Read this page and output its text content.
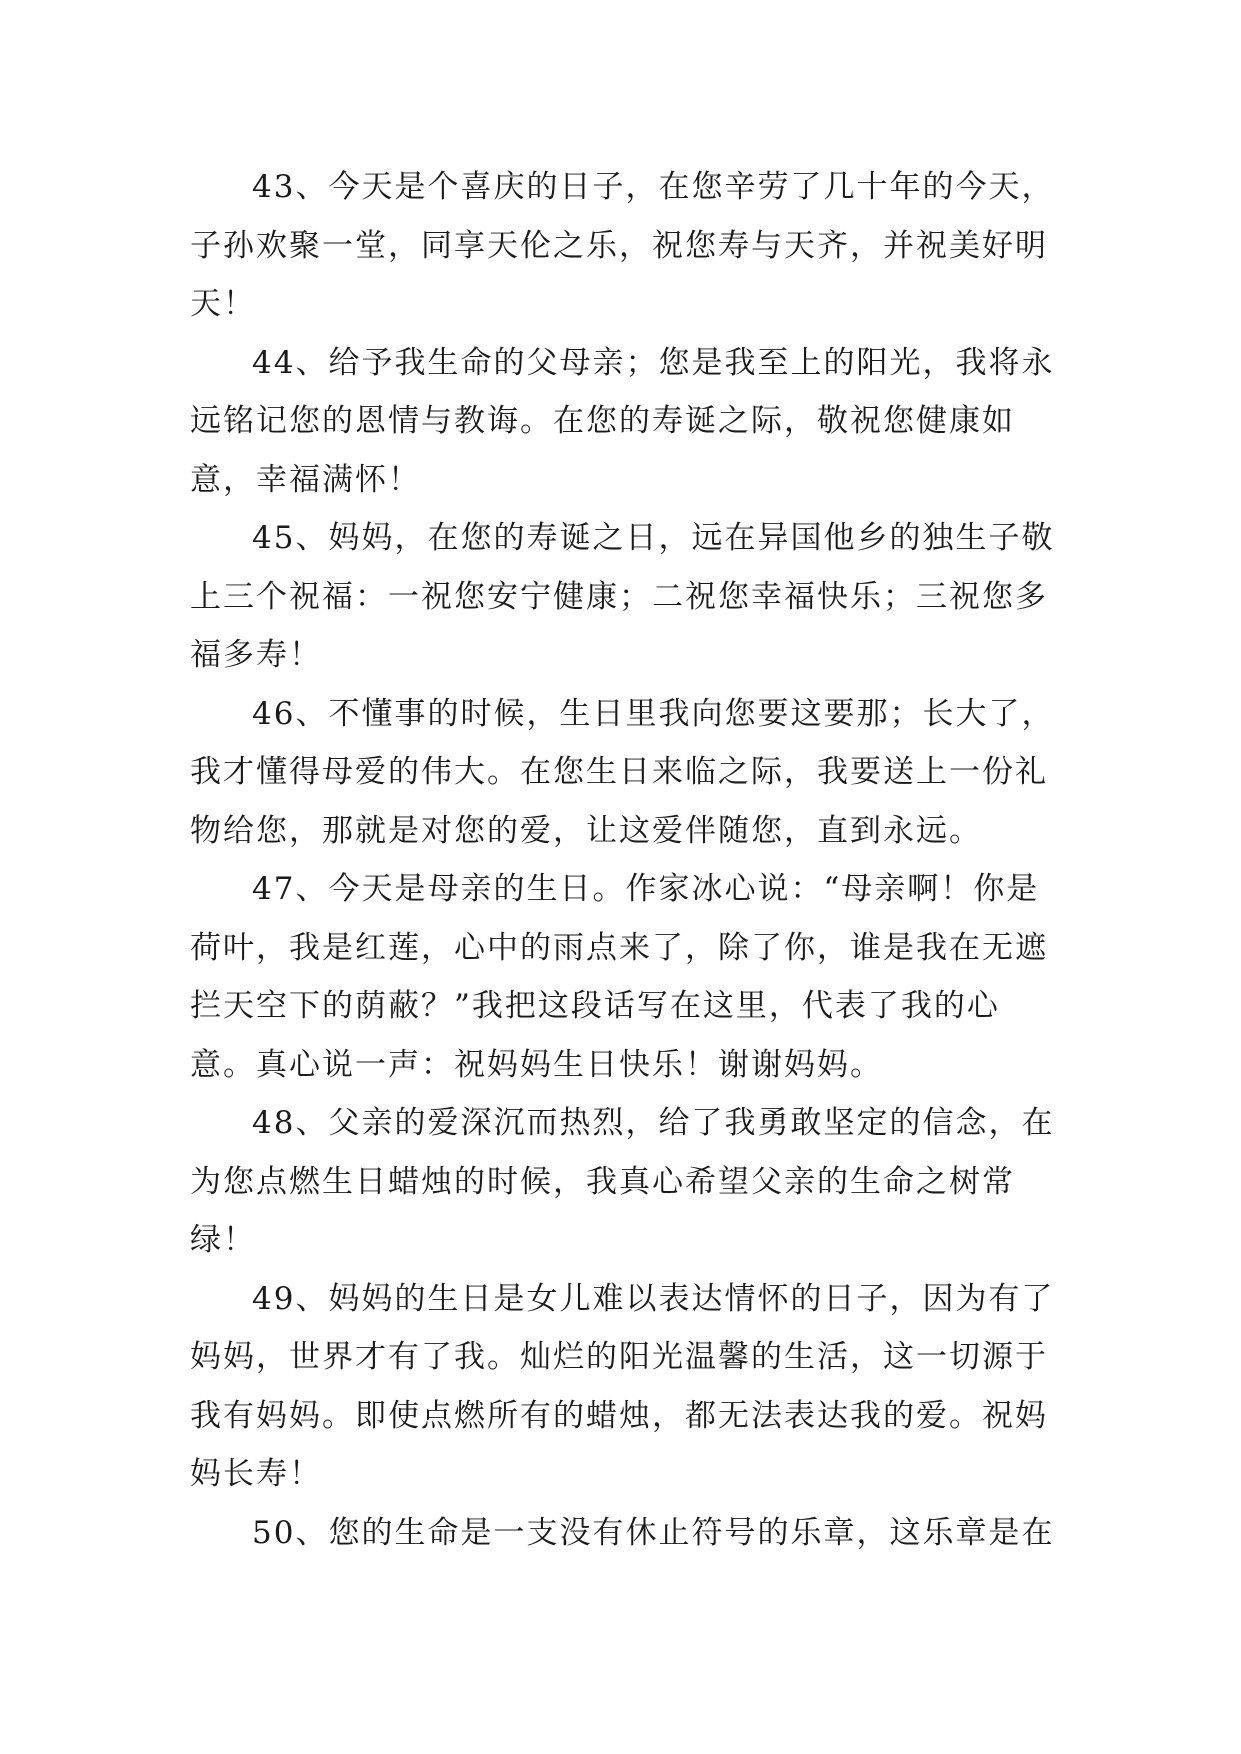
43、今天是个喜庆的日子，在您辛劳了几十年的今天，子孙欢聚一堂，同享天伦之乐，祝您寿与天齐，并祝美好明天！

44、给予我生命的父母亲；您是我至上的阳光，我将永远铭记您的恩情与教诲。在您的寿诞之际，敬祝您健康如意，幸福满怀！

45、妈妈，在您的寿诞之日，远在异国他乡的独生子敬上三个祝福：一祝您安宁健康；二祝您幸福快乐；三祝您多福多寿！

46、不懂事的时候，生日里我向您要这要那；长大了，我才懂得母爱的伟大。在您生日来临之际，我要送上一份礼物给您，那就是对您的爱，让这爱伴随您，直到永远。

47、今天是母亲的生日。作家冰心说：“母亲啊！你是荷叶，我是红莲，心中的雨点来了，除了你，谁是我在无遮拦天空下的荫蔽？”我把这段话写在这里，代表了我的心意。真心说一声：祝妈妈生日快乐！谢谢妈妈。

48、父亲的爱深沉而热烈，给了我勇敢坚定的信念，在为您点燃生日蜡烛的时候，我真心希望父亲的生命之树常绿！

49、妈妈的生日是女儿难以表达情怀的日子，因为有了妈妈，世界才有了我。灿烂的阳光温馨的生活，这一切源于我有妈妈。即使点燃所有的蜡烛，都无法表达我的爱。祝妈妈长寿！

50、您的生命是一支没有休止符号的乐章，这乐章是在
